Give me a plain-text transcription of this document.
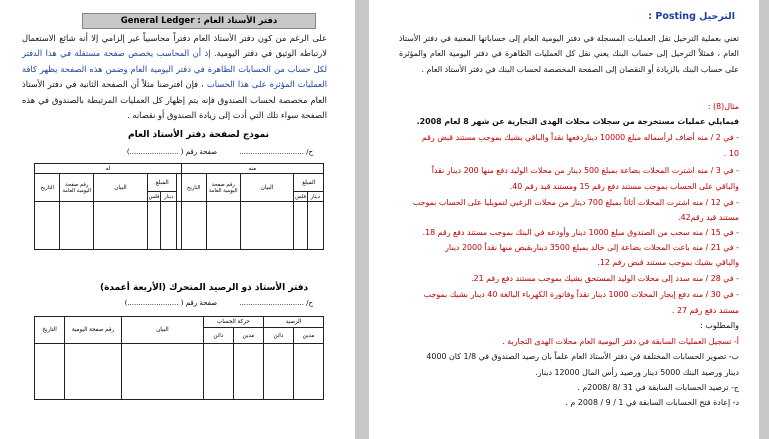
General Ledger : دفتر الأستاذ العام
على الرغم من كون دفتر الأستاذ العام دفتراً محاسبياً غير إلزامي إلا أنه شائع الاستعمال لارتباطه الوثيق في دفتر اليومية. إذ أن المحاسب يخصص صفحة مستقلة في هذا الدفتر لكل حساب من الحسابات الظاهرة في دفتر اليومية العام وضمن هذه الصفحة يظهر كافة العمليات المؤثرة على هذا الحساب ، فإن افترضنا مثلاً أن الصفحة الثانية في دفتر الأستاذ العام مخصصة لحساب الصندوق فإنه يتم إظهار كل العمليات المرتبطة بالصندوق في هذه الصفحة سواء تلك التي أدت إلى زيادة الصندوق أو نقصانه .
نموذج لصفحة دفتر الأستاذ العام
ح/ .............................          صفحة رقم ( ......................)
له						منه				
التاريخ	رقم صفحة اليومية العامة	البيان	المبلغ			التاريخ	رقم صفحة اليومية العامة	البيان	المبلغ	
			فلس	دينار					فلس	دينار

دفتر الأستاذ ذو الرصيد المتحرك (الأربعة أعمدة)
ح/ .............................          صفحة رقم ( .......................)
التاريخ	رقم صفحة اليومية	البيان	حركة الحساب		الرصيد	
			دائن	مدين	دائن	مدين

الترحيل Posting :
تعني بعملية الترحيل نقل العمليات المسجلة في دفتر اليومية العام إلى حساباتها المعنية في دفتر الأستاذ العام ، فمثلاً الترحيل إلى حساب البنك يعني نقل كل العمليات الظاهرة في دفتر اليومية العام والمؤثرة على حساب البنك بالزيادة أو النقصان إلى الصفحة المخصصة لحساب البنك في دفتر الأستاذ العام .
مثال(8) :
فيمايلي عمليات مستخرجة من سجلات محلات الهدى التجارية عن شهر 8 لعام 2008.
- في 2 / منه أضاف لرأسماله مبلغ 10000 ديناردفعها نقداً والباقي بشيك بموجب مستند قبض رقم
10 .
- في 3 / منه اشترت المحلات بضاعة بمبلغ 500 دينار من محلات الوليد دفع منها 200 دينار نقداً
والباقي على الحساب بموجب مستند دفع رقم 15 ومستند قيد رقم 40.
- في 12 / منه اشترت المحلات أثاثاً بمبلغ 700 دينار من محلات الزغبي لتمويليا على الحساب بموجب
مستند قيد رقم42.
- في 15 / منه سحب من الصندوق مبلغ 1000 دينار وأودعه في البنك بموجب مستند دفع رقم 18.
- في 21 / منه باعت المحلات بضاعة إلى خالد بمبلغ 3500 ديناربقبض منها نقداً 2000 دينار
والباقي بشيك بموجب مستند قبض رقم 12.
- في 28 / منه سدد إلى محلات الوليد المستحق بشيك بموجب مستند دفع رقم 21.
- في 30 / منه دفع إيجار المحلات 1000 دينار نقداً وفاتورة الكهرباء البالغة 40 دينار بشيك بموجب
مستند دفع رقم 27 .
والمطلوب :
أ- تسجيل العمليات السابقة في دفتر اليومية العام محلات الهدى التجارية .
ب- تصوير الحسابات المختلفة في دفتر الأستاذ العام علماً بان رصيد الصندوق في 1/8 كان 4000
دينار ورصيد البنك 5000 دينار ورصيد رأس المال 12000 دينار.
ج- ترصيد الحسابات السابقة في 31 /8 /2008م .
د- إعادة فتح الحسابات السابقة في 1 / 9 / 2008 م .
